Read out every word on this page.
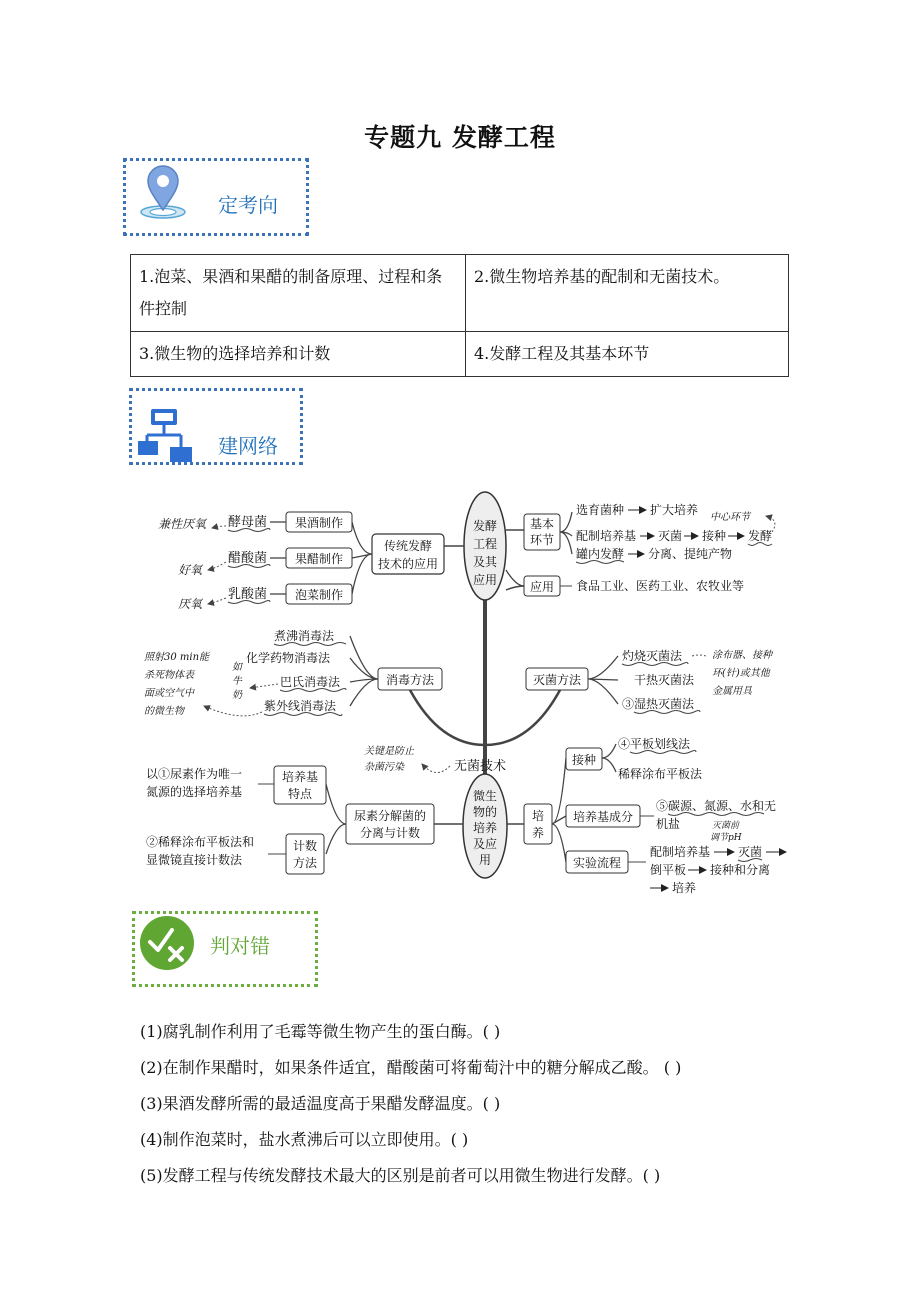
专题九 发酵工程
定考向
1.泡菜、果酒和果醋的制备原理、过程和条件控制	2.微生物培养基的配制和无菌技术。
3.微生物的选择培养和计数	4.发酵工程及其基本环节
建网络
发酵
工程
及其
应用
传统发酵
技术的应用
果酒制作
果醋制作
泡菜制作
酵母菌
醋酸菌
乳酸菌
兼性厌氧
好氧
厌氧
基本
环节
选育菌种 扩大培养
配制培养基 灭菌 接种 发酵
罐内发酵 分离、提纯产物
中心环节
应用 食品工业、医药工业、农牧业等
消毒方法
煮沸消毒法
化学药物消毒法
巴氏消毒法
紫外线消毒法
如
牛
奶
照射30 min能
杀死物体表
面或空气中
的微生物
灭菌方法
灼烧灭菌法
干热灭菌法
③湿热灭菌法
涂布器、接种
环(针)或其他
金属用具
无菌技术
关键是防止
杂菌污染
微生
物的
培养
及应
用
尿素分解菌的
分离与计数
培养基
特点
计数
方法
以①尿素作为唯一
氮源的选择培养基
②稀释涂布平板法和
显微镜直接计数法
培
养
接种
④平板划线法
稀释涂布平板法
培养基成分
⑤碳源、氮源、水和无
机盐	灭菌前
调节pH
实验流程
配制培养基 灭菌
倒平板 接种和分离
培养
判对错
(1)腐乳制作利用了毛霉等微生物产生的蛋白酶。( )
(2)在制作果醋时，如果条件适宜，醋酸菌可将葡萄汁中的糖分解成乙酸。 ( )
(3)果酒发酵所需的最适温度高于果醋发酵温度。( )
(4)制作泡菜时，盐水煮沸后可以立即使用。( )
(5)发酵工程与传统发酵技术最大的区别是前者可以用微生物进行发酵。( )
